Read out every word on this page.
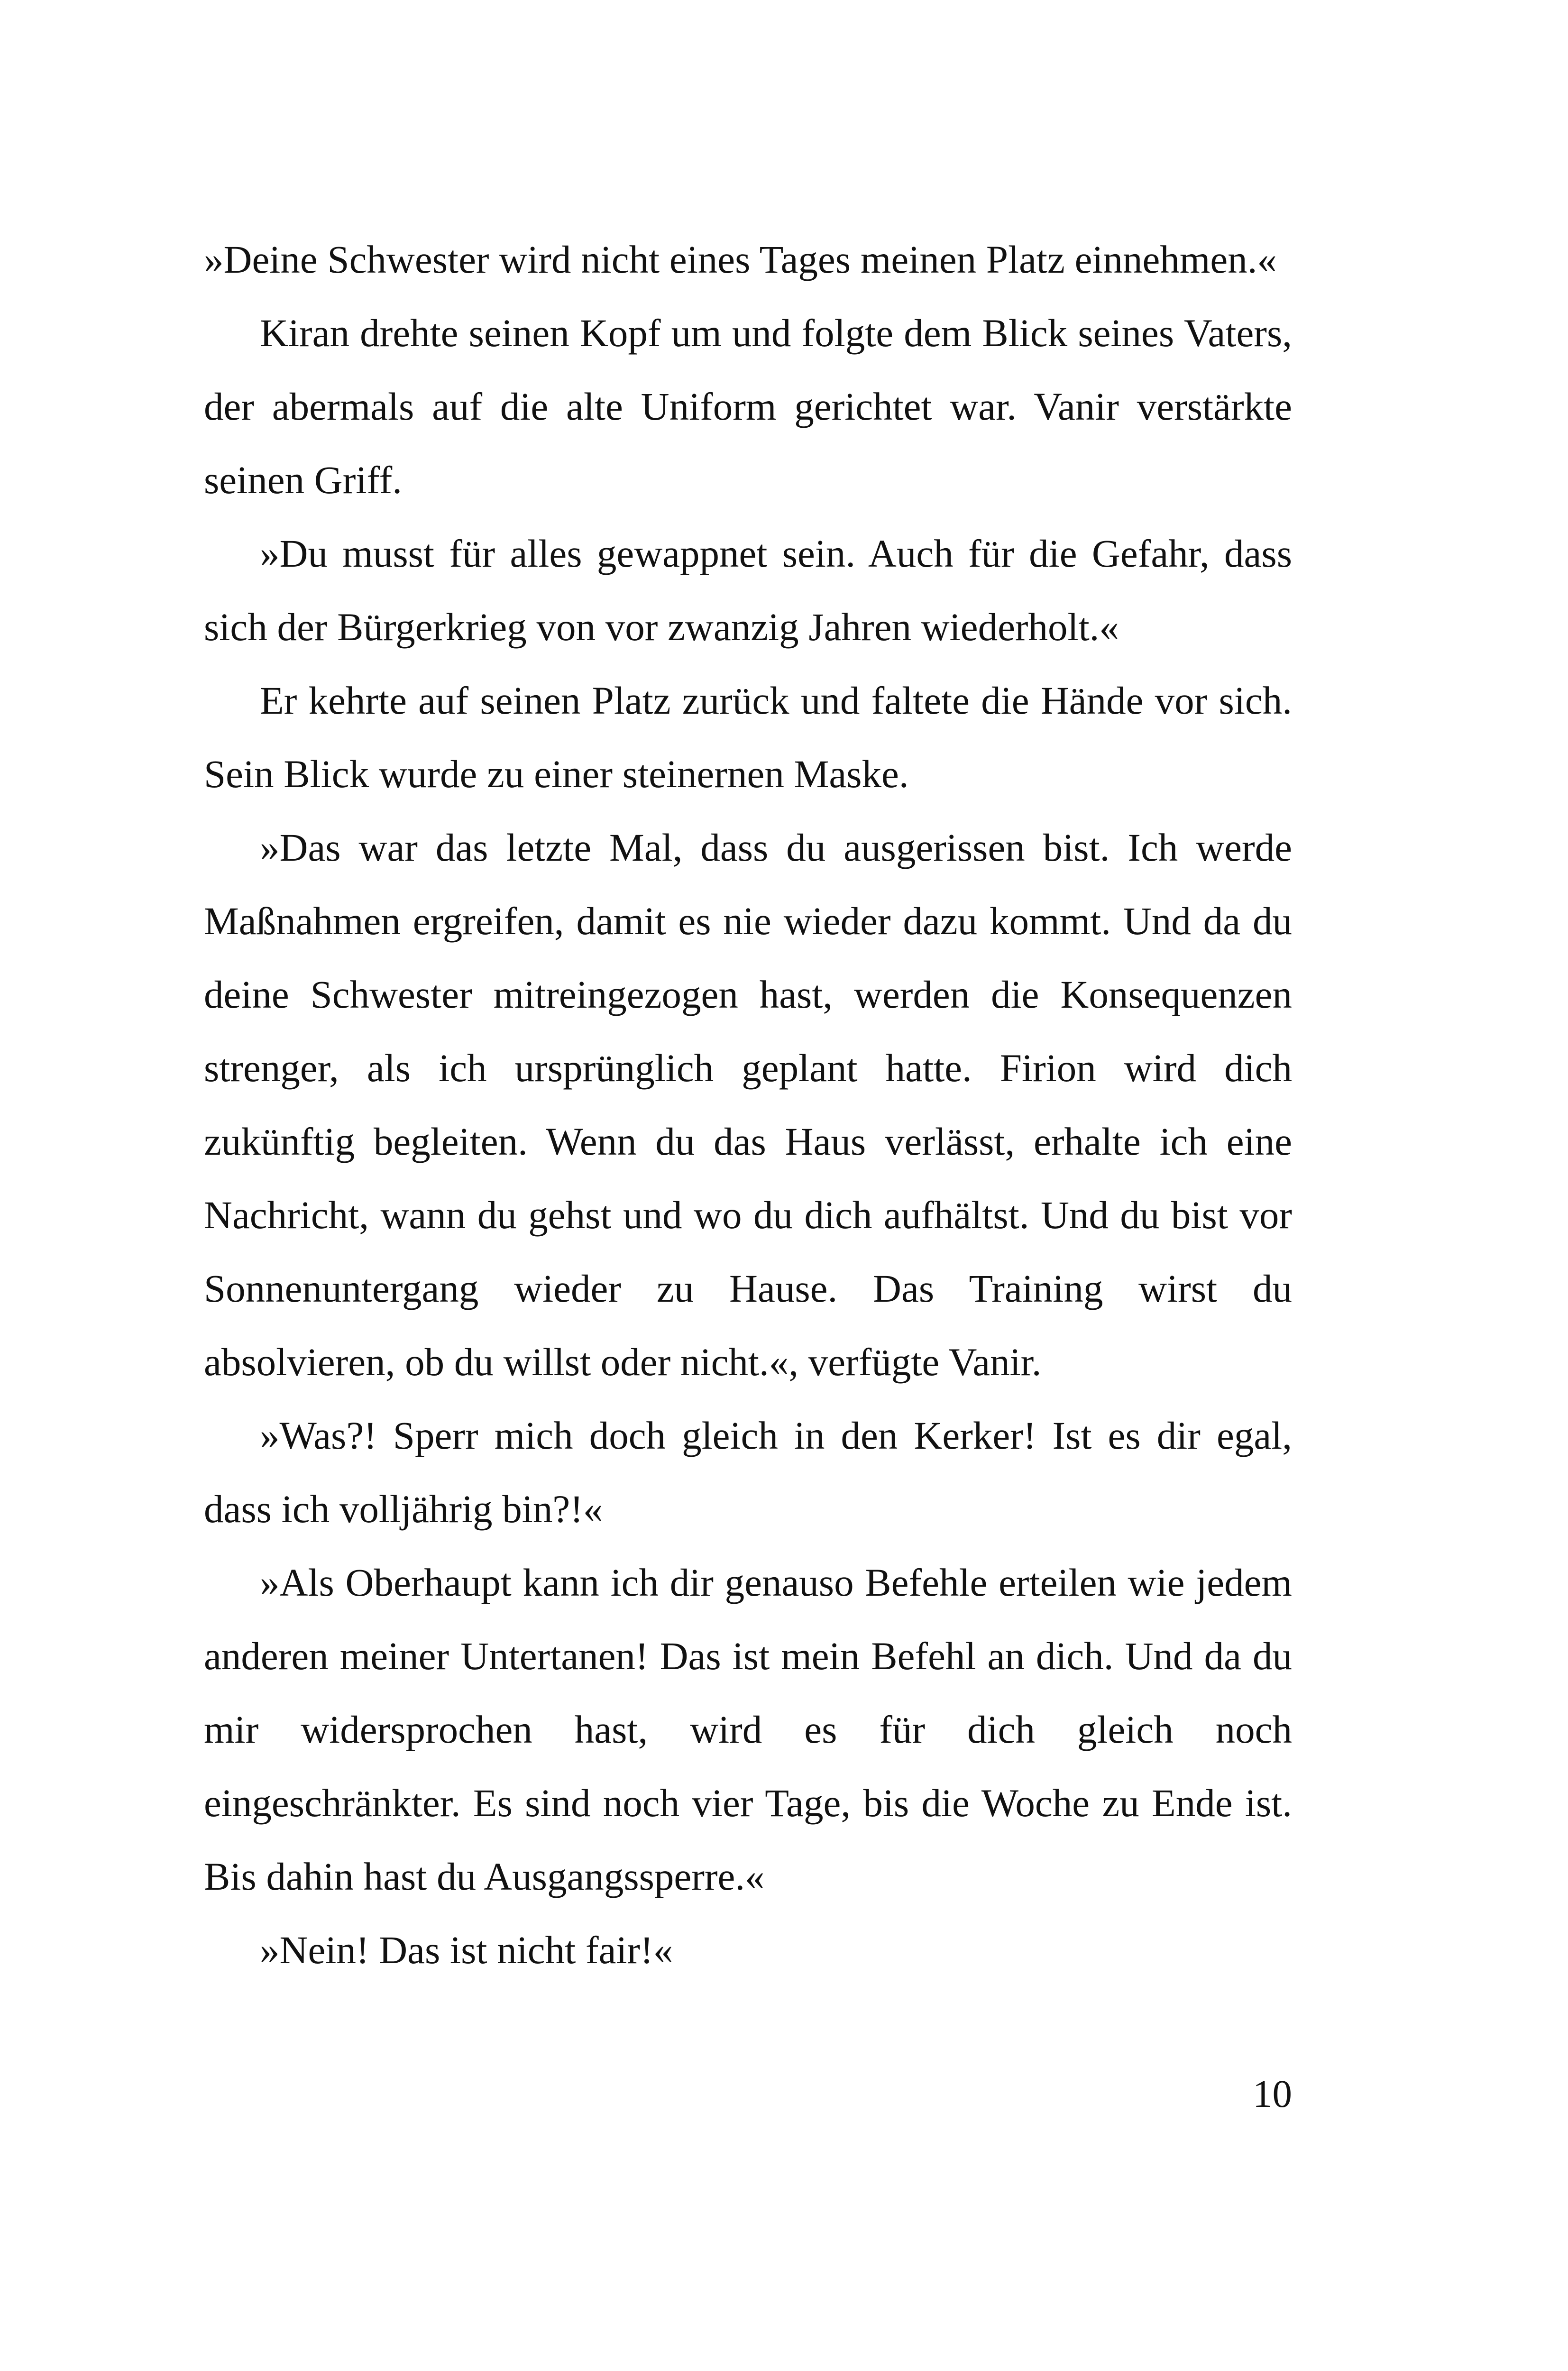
»Deine Schwester wird nicht eines Tages meinen Platz einnehmen.«

Kiran drehte seinen Kopf um und folgte dem Blick seines Vaters, der abermals auf die alte Uniform gerichtet war. Vanir verstärkte seinen Griff.

»Du musst für alles gewappnet sein. Auch für die Gefahr, dass sich der Bürgerkrieg von vor zwanzig Jahren wiederholt.«

Er kehrte auf seinen Platz zurück und faltete die Hände vor sich. Sein Blick wurde zu einer steinernen Maske.

»Das war das letzte Mal, dass du ausgerissen bist. Ich werde Maßnahmen ergreifen, damit es nie wieder dazu kommt. Und da du deine Schwester mitreingezogen hast, werden die Konsequenzen strenger, als ich ursprünglich geplant hatte. Firion wird dich zukünftig begleiten. Wenn du das Haus verlässt, erhalte ich eine Nachricht, wann du gehst und wo du dich aufhältst. Und du bist vor Sonnenuntergang wieder zu Hause. Das Training wirst du absolvieren, ob du willst oder nicht.«, verfügte Vanir.

»Was?! Sperr mich doch gleich in den Kerker! Ist es dir egal, dass ich volljährig bin?!«

»Als Oberhaupt kann ich dir genauso Befehle erteilen wie jedem anderen meiner Untertanen! Das ist mein Befehl an dich. Und da du mir widersprochen hast, wird es für dich gleich noch eingeschränkter. Es sind noch vier Tage, bis die Woche zu Ende ist. Bis dahin hast du Ausgangssperre.«

»Nein! Das ist nicht fair!«

10
